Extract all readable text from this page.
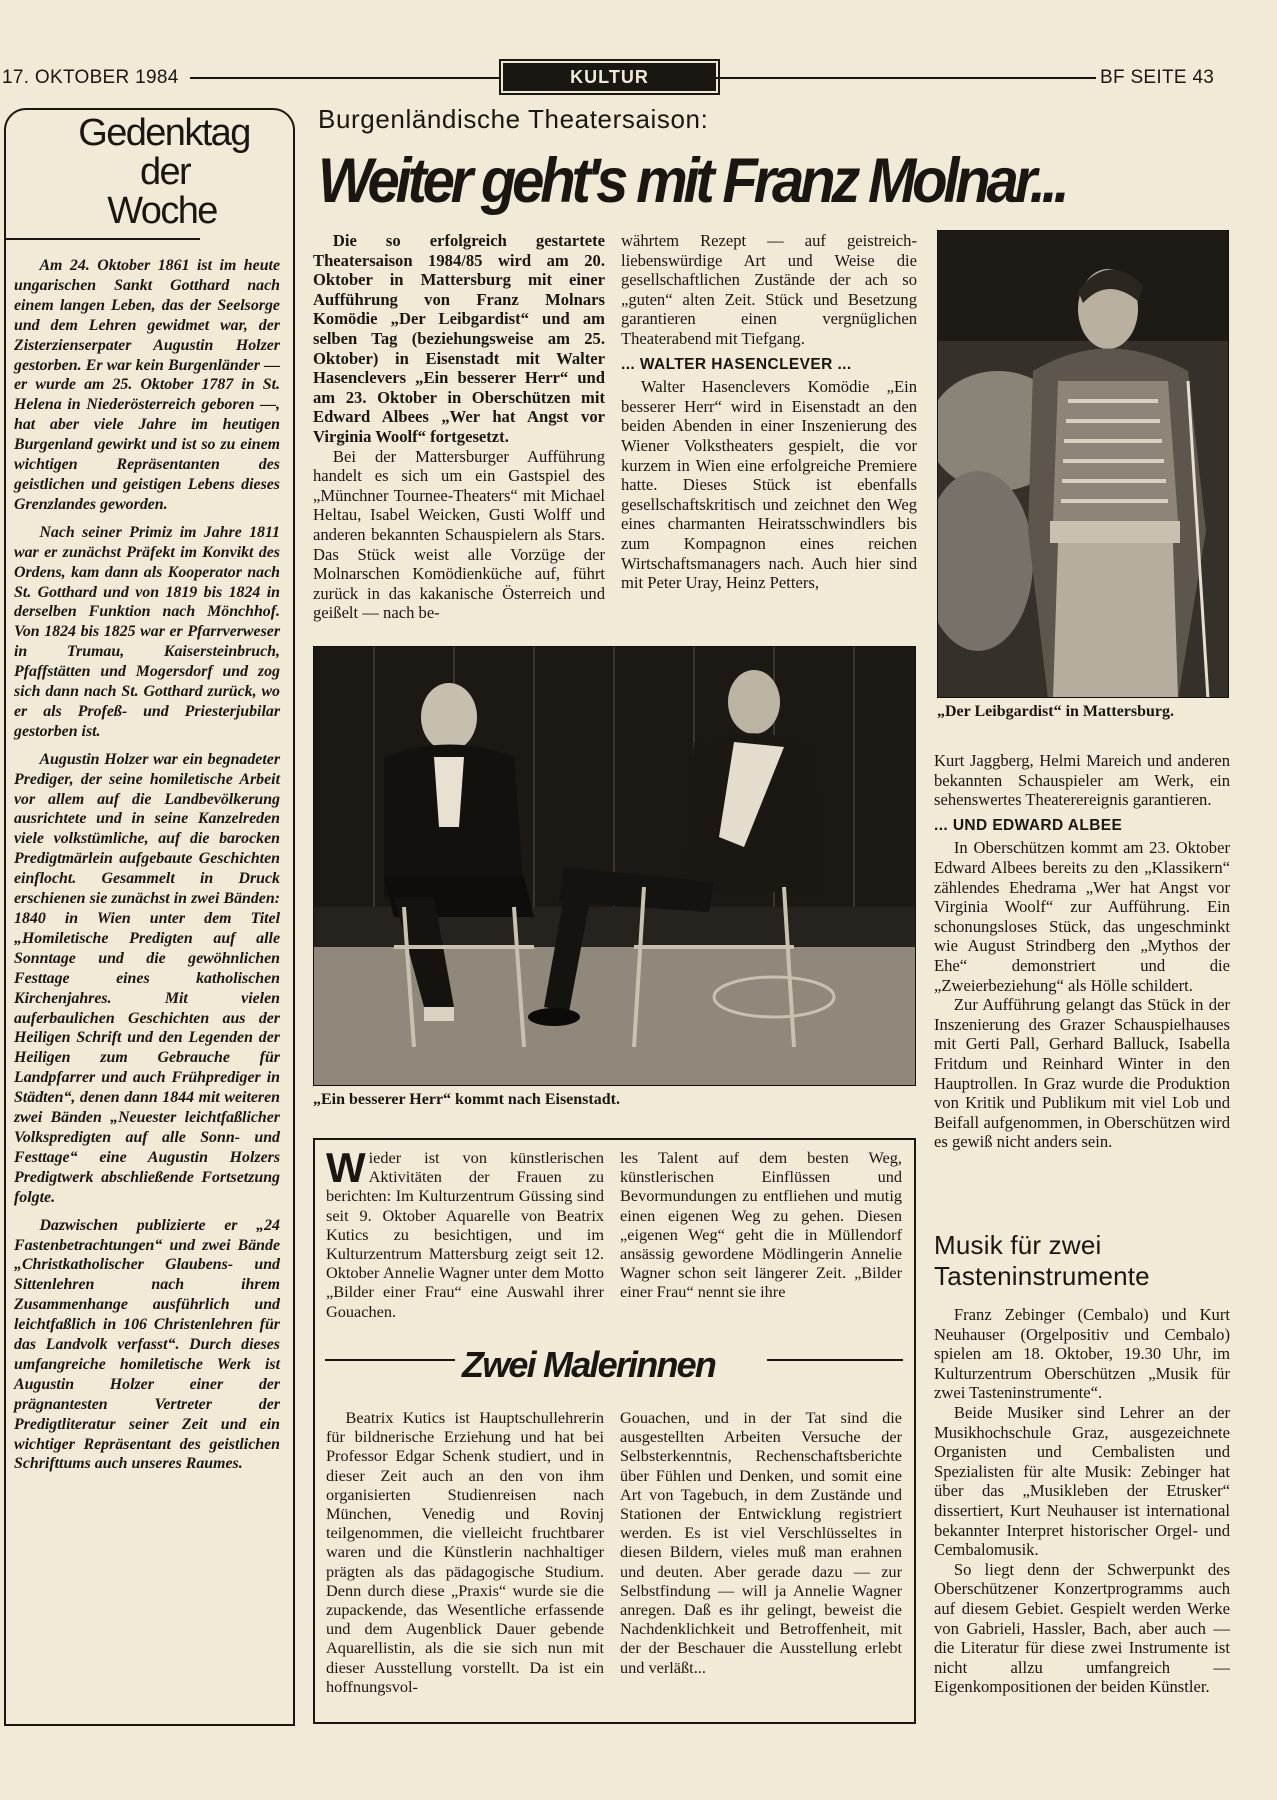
17. OKTOBER 1984	KULTUR	BF SEITE 43
Gedenktag
der
Woche

Am 24. Oktober 1861 ist im heute ungarischen Sankt Gotthard nach einem langen Leben, das der Seelsorge und dem Lehren gewidmet war, der Zisterzienserpater Augustin Holzer gestorben. Er war kein Burgenländer — er wurde am 25. Oktober 1787 in St. Helena in Niederösterreich geboren —, hat aber viele Jahre im heutigen Burgenland gewirkt und ist so zu einem wichtigen Repräsentanten des geistlichen und geistigen Lebens dieses Grenzlandes geworden.

Nach seiner Primiz im Jahre 1811 war er zunächst Präfekt im Konvikt des Ordens, kam dann als Kooperator nach St. Gotthard und von 1819 bis 1824 in derselben Funktion nach Mönchhof. Von 1824 bis 1825 war er Pfarrverweser in Trumau, Kaisersteinbruch, Pfaffstätten und Mogersdorf und zog sich dann nach St. Gotthard zurück, wo er als Profeß- und Priesterjubilar gestorben ist.

Augustin Holzer war ein begnadeter Prediger, der seine homiletische Arbeit vor allem auf die Landbevölkerung ausrichtete und in seine Kanzelreden viele volkstümliche, auf die barocken Predigtmärlein aufgebaute Geschichten einflocht. Gesammelt in Druck erschienen sie zunächst in zwei Bänden: 1840 in Wien unter dem Titel „Homiletische Predigten auf alle Sonntage und die gewöhnlichen Festtage eines katholischen Kirchenjahres. Mit vielen auferbaulichen Geschichten aus der Heiligen Schrift und den Legenden der Heiligen zum Gebrauche für Landpfarrer und auch Frühprediger in Städten“, denen dann 1844 mit weiteren zwei Bänden „Neuester leichtfaßlicher Volkspredigten auf alle Sonn- und Festtage“ eine Augustin Holzers Predigtwerk abschließende Fortsetzung folgte.

Dazwischen publizierte er „24 Fastenbetrachtungen“ und zwei Bände „Christkatholischer Glaubens- und Sittenlehren nach ihrem Zusammenhange ausführlich und leichtfaßlich in 106 Christenlehren für das Landvolk verfasst“. Durch dieses umfangreiche homiletische Werk ist Augustin Holzer einer der prägnantesten Vertreter der Predigtliteratur seiner Zeit und ein wichtiger Repräsentant des geistlichen Schrifttums auch unseres Raumes.

Burgenländische Theatersaison:
Weiter geht's mit Franz Molnar...

Die so erfolgreich gestartete Theatersaison 1984/85 wird am 20. Oktober in Mattersburg mit einer Aufführung von Franz Molnars Komödie „Der Leibgardist“ und am selben Tag (beziehungsweise am 25. Oktober) in Eisenstadt mit Walter Hasenclevers „Ein besserer Herr“ und am 23. Oktober in Oberschützen mit Edward Albees „Wer hat Angst vor Virginia Woolf“ fortgesetzt.

Bei der Mattersburger Aufführung handelt es sich um ein Gastspiel des „Münchner Tournee-Theaters“ mit Michael Heltau, Isabel Weicken, Gusti Wolff und anderen bekannten Schauspielern als Stars. Das Stück weist alle Vorzüge der Molnarschen Komödienküche auf, führt zurück in das kakanische Österreich und geißelt — nach be-

währtem Rezept — auf geistreich-liebenswürdige Art und Weise die gesellschaftlichen Zustände der ach so „guten“ alten Zeit. Stück und Besetzung garantieren einen vergnüglichen Theaterabend mit Tiefgang.

... WALTER HASENCLEVER ...

Walter Hasenclevers Komödie „Ein besserer Herr“ wird in Eisenstadt an den beiden Abenden in einer Inszenierung des Wiener Volkstheaters gespielt, die vor kurzem in Wien eine erfolgreiche Premiere hatte. Dieses Stück ist ebenfalls gesellschaftskritisch und zeichnet den Weg eines charmanten Heiratsschwindlers bis zum Kompagnon eines reichen Wirtschaftsmanagers nach. Auch hier sind mit Peter Uray, Heinz Petters,

„Der Leibgardist“ in Mattersburg.
„Ein besserer Herr“ kommt nach Eisenstadt.

Kurt Jaggberg, Helmi Mareich und anderen bekannten Schauspieler am Werk, ein sehenswertes Theaterereignis garantieren.

... UND EDWARD ALBEE

In Oberschützen kommt am 23. Oktober Edward Albees bereits zu den „Klassikern“ zählendes Ehedrama „Wer hat Angst vor Virginia Woolf“ zur Aufführung. Ein schonungsloses Stück, das ungeschminkt wie August Strindberg den „Mythos der Ehe“ demonstriert und die „Zweierbeziehung“ als Hölle schildert.

Zur Aufführung gelangt das Stück in der Inszenierung des Grazer Schauspielhauses mit Gerti Pall, Gerhard Balluck, Isabella Fritdum und Reinhard Winter in den Hauptrollen. In Graz wurde die Produktion von Kritik und Publikum mit viel Lob und Beifall aufgenommen, in Oberschützen wird es gewiß nicht anders sein.

Wieder ist von künstlerischen Aktivitäten der Frauen zu berichten: Im Kulturzentrum Güssing sind seit 9. Oktober Aquarelle von Beatrix Kutics zu besichtigen, und im Kulturzentrum Mattersburg zeigt seit 12. Oktober Annelie Wagner unter dem Motto „Bilder einer Frau“ eine Auswahl ihrer Gouachen.

les Talent auf dem besten Weg, künstlerischen Einflüssen und Bevormundungen zu entfliehen und mutig einen eigenen Weg zu gehen. Diesen „eigenen Weg“ geht die in Müllendorf ansässig gewordene Mödlingerin Annelie Wagner schon seit längerer Zeit. „Bilder einer Frau“ nennt sie ihre

Zwei Malerinnen

Beatrix Kutics ist Hauptschullehrerin für bildnerische Erziehung und hat bei Professor Edgar Schenk studiert, und in dieser Zeit auch an den von ihm organisierten Studienreisen nach München, Venedig und Rovinj teilgenommen, die vielleicht fruchtbarer waren und die Künstlerin nachhaltiger prägten als das pädagogische Studium. Denn durch diese „Praxis“ wurde sie die zupackende, das Wesentliche erfassende und dem Augenblick Dauer gebende Aquarellistin, als die sie sich nun mit dieser Ausstellung vorstellt. Da ist ein hoffnungsvol-

Gouachen, und in der Tat sind die ausgestellten Arbeiten Versuche der Selbsterkenntnis, Rechenschaftsberichte über Fühlen und Denken, und somit eine Art von Tagebuch, in dem Zustände und Stationen der Entwicklung registriert werden. Es ist viel Verschlüsseltes in diesen Bildern, vieles muß man erahnen und deuten. Aber gerade dazu — zur Selbstfindung — will ja Annelie Wagner anregen. Daß es ihr gelingt, beweist die Nachdenklichkeit und Betroffenheit, mit der der Beschauer die Ausstellung erlebt und verläßt...

Musik für zwei
Tasteninstrumente

Franz Zebinger (Cembalo) und Kurt Neuhauser (Orgelpositiv und Cembalo) spielen am 18. Oktober, 19.30 Uhr, im Kulturzentrum Oberschützen „Musik für zwei Tasteninstrumente“.

Beide Musiker sind Lehrer an der Musikhochschule Graz, ausgezeichnete Organisten und Cembalisten und Spezialisten für alte Musik: Zebinger hat über das „Musikleben der Etrusker“ dissertiert, Kurt Neuhauser ist international bekannter Interpret historischer Orgel- und Cembalomusik.

So liegt denn der Schwerpunkt des Oberschützener Konzertprogramms auch auf diesem Gebiet. Gespielt werden Werke von Gabrieli, Hassler, Bach, aber auch — die Literatur für diese zwei Instrumente ist nicht allzu umfangreich — Eigenkompositionen der beiden Künstler.
